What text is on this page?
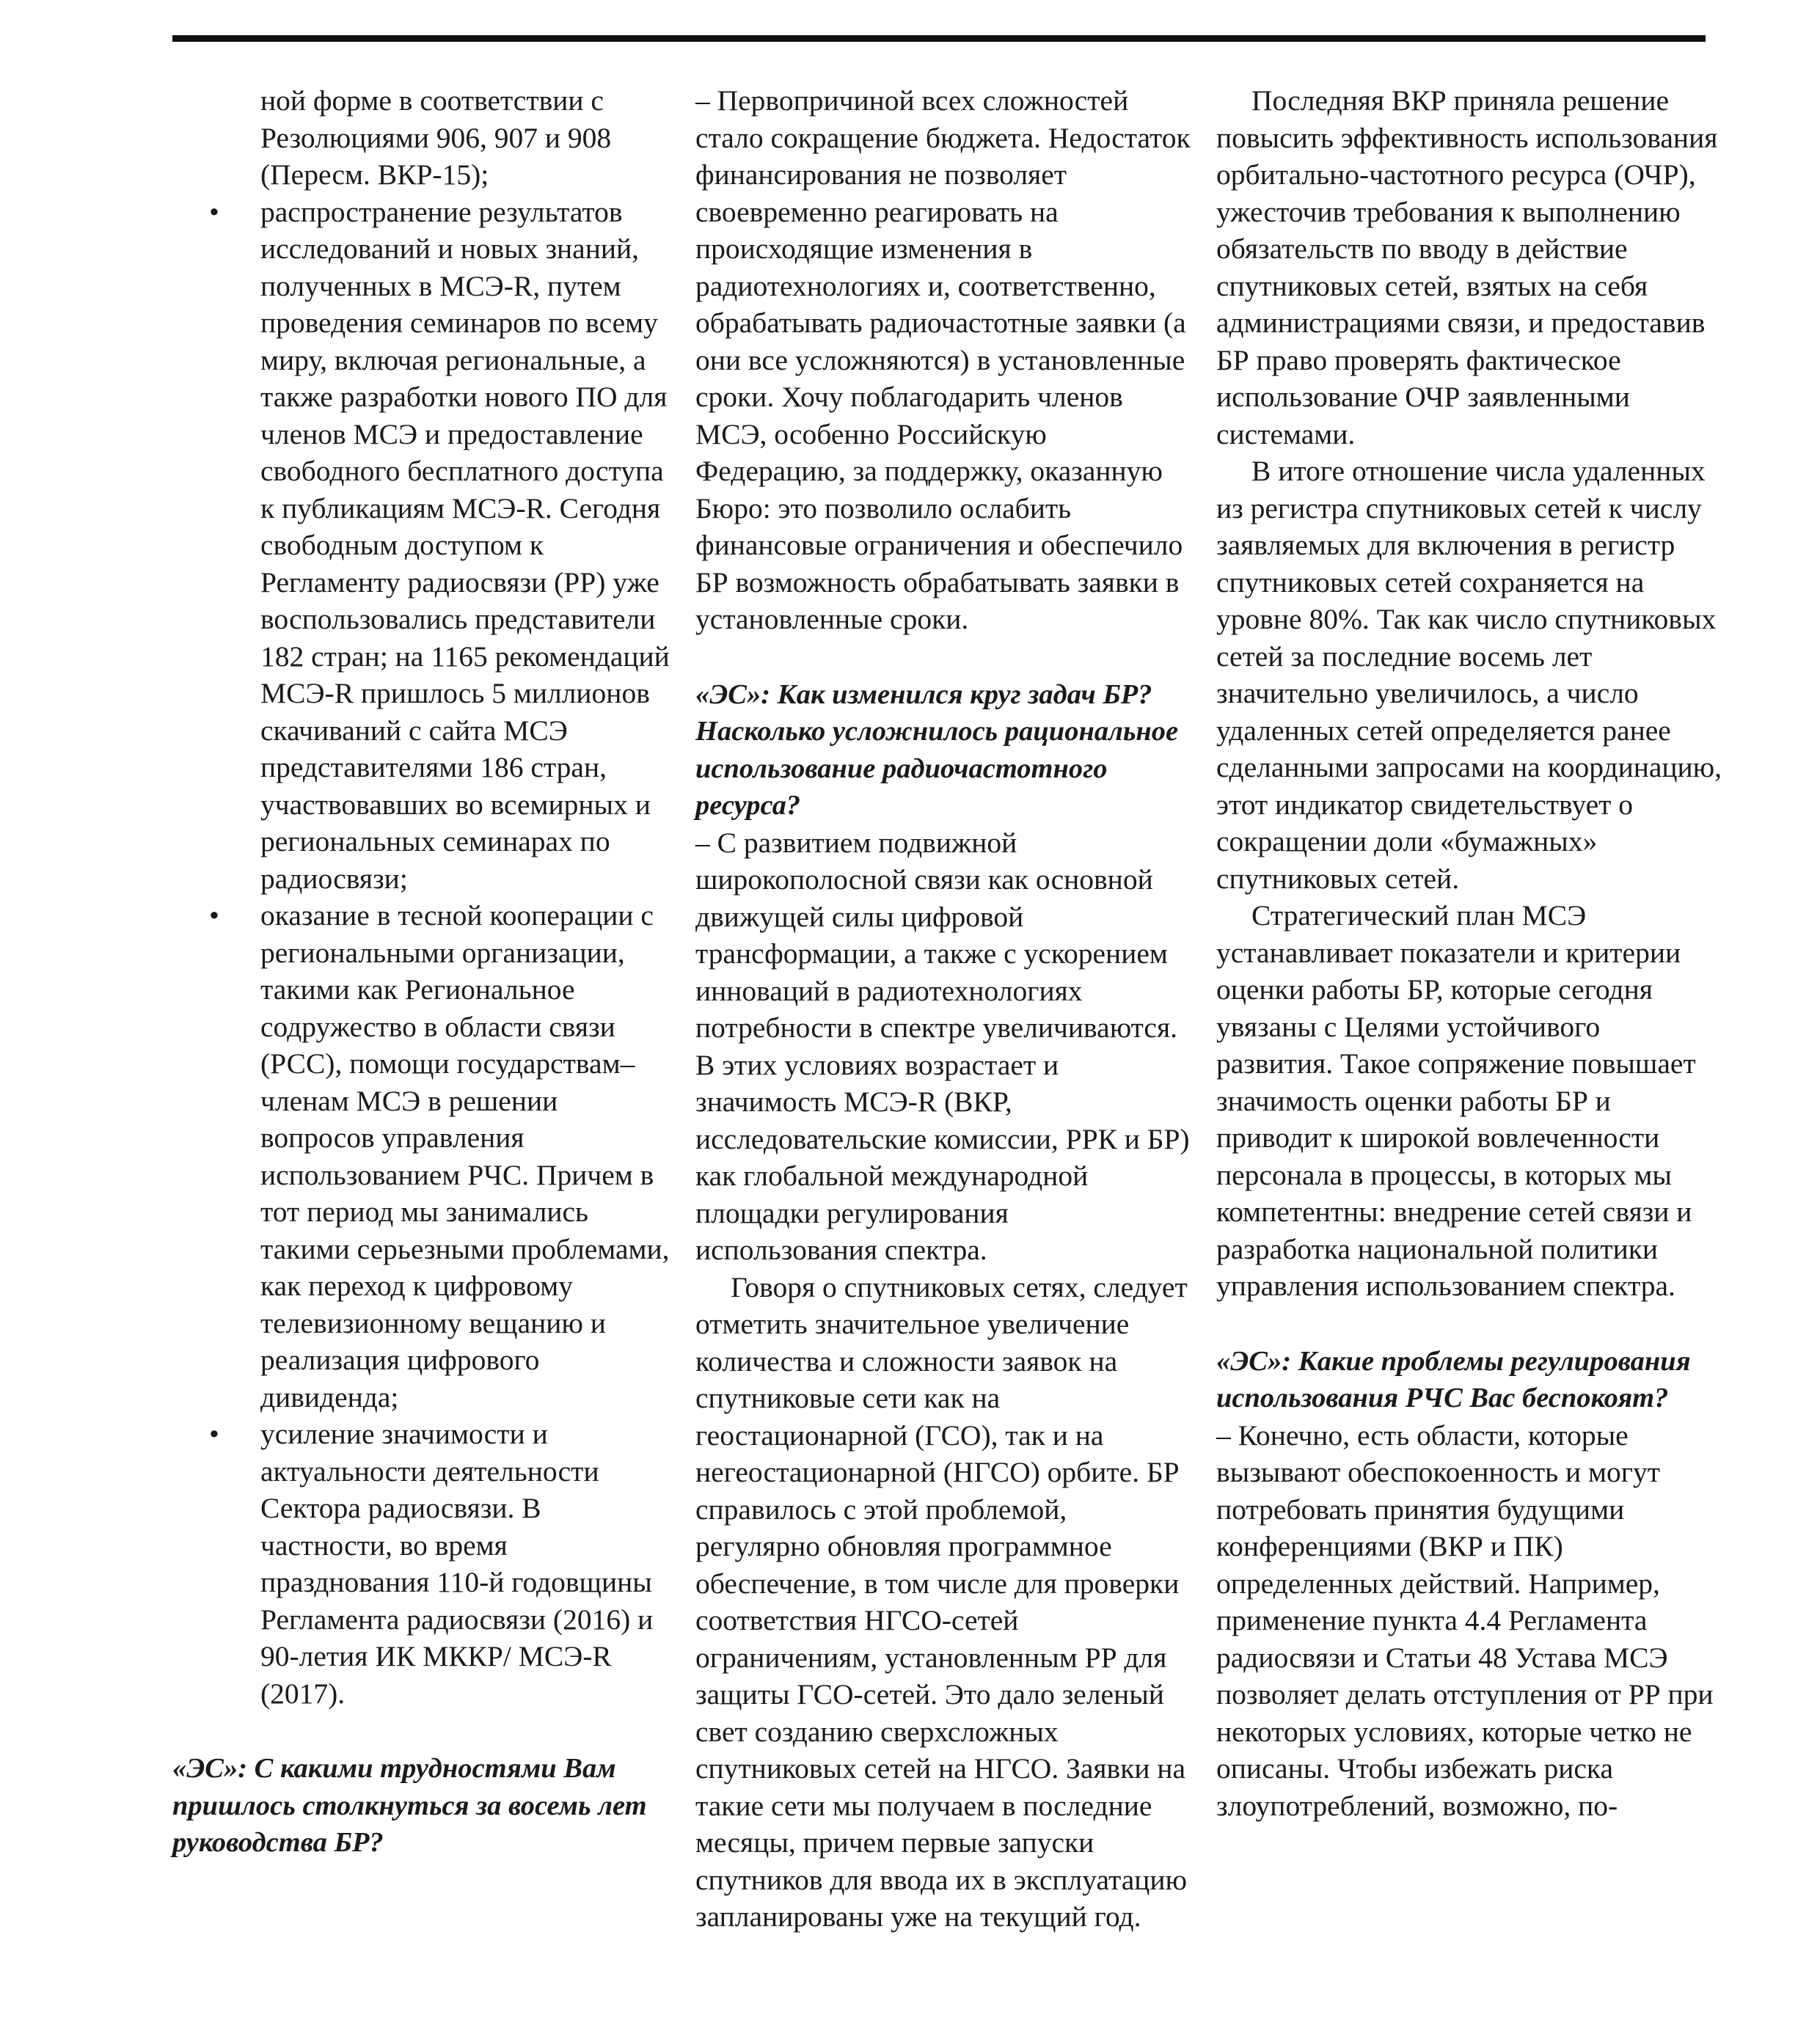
ной форме в соответствии с Резолюциями 906, 907 и 908 (Пересм. ВКР-15);

• распространение результатов исследований и новых знаний, полученных в МСЭ-R, путем проведения семинаров по всему миру, включая региональные, а также разработки нового ПО для членов МСЭ и предоставление свободного бесплатного доступа к публикациям МСЭ-R. Сегодня свободным доступом к Регламенту радиосвязи (РР) уже воспользовались представители 182 стран; на 1165 рекомендаций МСЭ-R пришлось 5 миллионов скачиваний с сайта МСЭ представителями 186 стран, участвовавших во всемирных и региональных семинарах по радиосвязи;

• оказание в тесной кооперации с региональными организации, такими как Региональное содружество в области связи (РСС), помощи государствам–членам МСЭ в решении вопросов управления использованием РЧС. Причем в тот период мы занимались такими серьезными проблемами, как переход к цифровому телевизионному вещанию и реализация цифрового дивиденда;

• усиление значимости и актуальности деятельности Сектора радиосвязи. В частности, во время празднования 110-й годовщины Регламента радиосвязи (2016) и 90-летия ИК МККР/ МСЭ-R (2017).

«ЭС»: С какими трудностями Вам пришлось столкнуться за восемь лет руководства БР?

– Первопричиной всех сложностей стало сокращение бюджета. Недостаток финансирования не позволяет своевременно реагировать на происходящие изменения в радиотехнологиях и, соответственно, обрабатывать радиочастотные заявки (а они все усложняются) в установленные сроки. Хочу поблагодарить членов МСЭ, особенно Российскую Федерацию, за поддержку, оказанную Бюро: это позволило ослабить финансовые ограничения и обеспечило БР возможность обрабатывать заявки в установленные сроки.

«ЭС»: Как изменился круг задач БР? Насколько усложнилось рациональное использование радиочастотного ресурса?

– С развитием подвижной широкополосной связи как основной движущей силы цифровой трансформации, а также с ускорением инноваций в радиотехнологиях потребности в спектре увеличиваются. В этих условиях возрастает и значимость МСЭ-R (ВКР, исследовательские комиссии, РРК и БР) как глобальной международной площадки регулирования использования спектра.

Говоря о спутниковых сетях, следует отметить значительное увеличение количества и сложности заявок на спутниковые сети как на геостационарной (ГСО), так и на негеостационарной (НГСО) орбите. БР справилось с этой проблемой, регулярно обновляя программное обеспечение, в том числе для проверки соответствия НГСО-сетей ограничениям, установленным РР для защиты ГСО-сетей. Это дало зеленый свет созданию сверхсложных спутниковых сетей на НГСО. Заявки на такие сети мы получаем в последние месяцы, причем первые запуски спутников для ввода их в эксплуатацию запланированы уже на текущий год.

Последняя ВКР приняла решение повысить эффективность использования орбитально-частотного ресурса (ОЧР), ужесточив требования к выполнению обязательств по вводу в действие спутниковых сетей, взятых на себя администрациями связи, и предоставив БР право проверять фактическое использование ОЧР заявленными системами.

В итоге отношение числа удаленных из регистра спутниковых сетей к числу заявляемых для включения в регистр спутниковых сетей сохраняется на уровне 80%. Так как число спутниковых сетей за последние восемь лет значительно увеличилось, а число удаленных сетей определяется ранее сделанными запросами на координацию, этот индикатор свидетельствует о сокращении доли «бумажных» спутниковых сетей.

Стратегический план МСЭ устанавливает показатели и критерии оценки работы БР, которые сегодня увязаны с Целями устойчивого развития. Такое сопряжение повышает значимость оценки работы БР и приводит к широкой вовлеченности персонала в процессы, в которых мы компетентны: внедрение сетей связи и разработка национальной политики управления использованием спектра.

«ЭС»: Какие проблемы регулирования использования РЧС Вас беспокоят?

– Конечно, есть области, которые вызывают обеспокоенность и могут потребовать принятия будущими конференциями (ВКР и ПК) определенных действий. Например, применение пункта 4.4 Регламента радиосвязи и Статьи 48 Устава МСЭ позволяет делать отступления от РР при некоторых условиях, которые четко не описаны. Чтобы избежать риска злоупотреблений, возможно, по-
